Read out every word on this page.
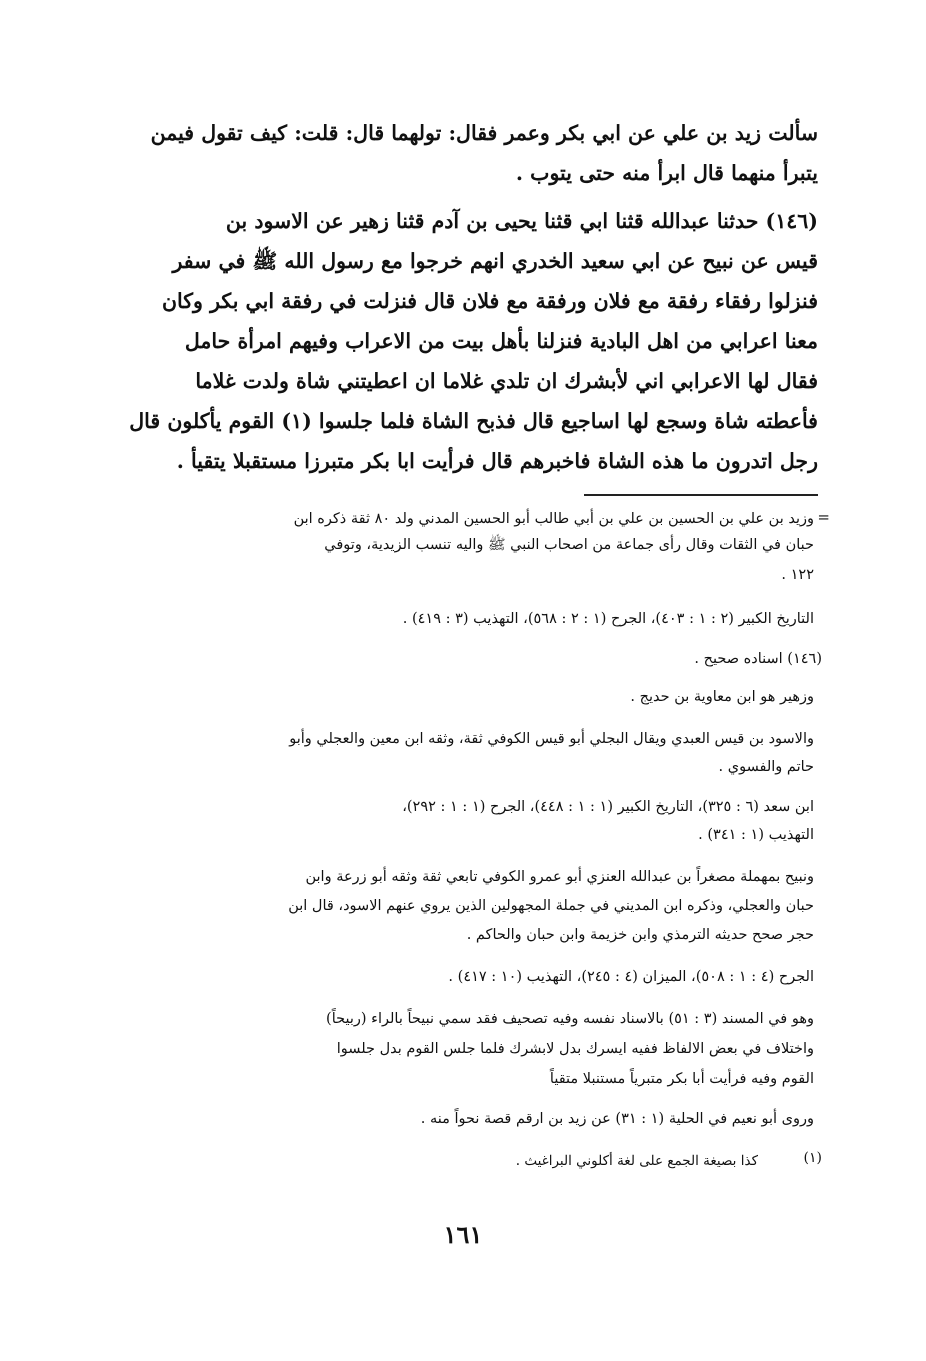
سألت زيد بن علي عن ابي بكر وعمر فقال: تولهما قال: قلت: كيف تقول فيمن
يتبرأ منهما قال ابرأ منه حتى يتوب .
(١٤٦) حدثنا عبدالله قثنا ابي قثنا يحيى بن آدم قثنا زهير عن الاسود بن
قيس عن نبيح عن ابي سعيد الخدري انهم خرجوا مع رسول الله ﷺ في سفر
فنزلوا رفقاء رفقة مع فلان ورفقة مع فلان قال فنزلت في رفقة ابي بكر وكان
معنا اعرابي من اهل البادية فنزلنا بأهل بيت من الاعراب وفيهم امرأة حامل
فقال لها الاعرابي اني لأبشرك ان تلدي غلاما ان اعطيتني شاة ولدت غلاما
فأعطته شاة وسجع لها اساجيع قال فذبح الشاة فلما جلسوا (١) القوم يأكلون قال
رجل اتدرون ما هذه الشاة فاخبرهم قال فرأيت ابا بكر متبرزا مستقبلا يتقيأ .
=
وزيد بن علي بن الحسين بن علي بن أبي طالب أبو الحسين المدني ولد ٨٠ ثقة ذكره ابن
حبان في الثقات وقال رأى جماعة من اصحاب النبي ﷺ واليه تنسب الزيدية، وتوفي
١٢٢ .
التاريخ الكبير (٢ : ١ : ٤٠٣)، الجرح (١ : ٢ : ٥٦٨)، التهذيب (٣ : ٤١٩) .
(١٤٦) اسناده صحيح .
وزهير هو ابن معاوية بن حديج .
والاسود بن قيس العبدي ويقال البجلي أبو قيس الكوفي ثقة، وثقه ابن معين والعجلي وأبو
حاتم والفسوي .
ابن سعد (٦ : ٣٢٥)، التاريخ الكبير (١ : ١ : ٤٤٨)، الجرح (١ : ١ : ٢٩٢)،
التهذيب (١ : ٣٤١) .
ونبيح بمهملة مصغراً بن عبدالله العنزي أبو عمرو الكوفي تابعي ثقة وثقه أبو زرعة وابن
حبان والعجلي، وذكره ابن المديني في جملة المجهولين الذين يروي عنهم الاسود، قال ابن
حجر صحح حديثه الترمذي وابن خزيمة وابن حبان والحاكم .
الجرح (٤ : ١ : ٥٠٨)، الميزان (٤ : ٢٤٥)، التهذيب (١٠ : ٤١٧) .
وهو في المسند (٣ : ٥١) بالاسناد نفسه وفيه تصحيف فقد سمي نبيحاً بالراء (ربيحاً)
واختلاف في بعض الالفاظ ففيه ايسرك بدل لابشرك فلما جلس القوم بدل جلسوا
القوم وفيه فرأيت أبا بكر متبرياً مستنبلا متقياً
وروى أبو نعيم في الحلية (١ : ٣١) عن زيد بن ارقم قصة نحواً منه .
(١)
كذا بصيغة الجمع على لغة أكلوني البراغيث .
١٦١
